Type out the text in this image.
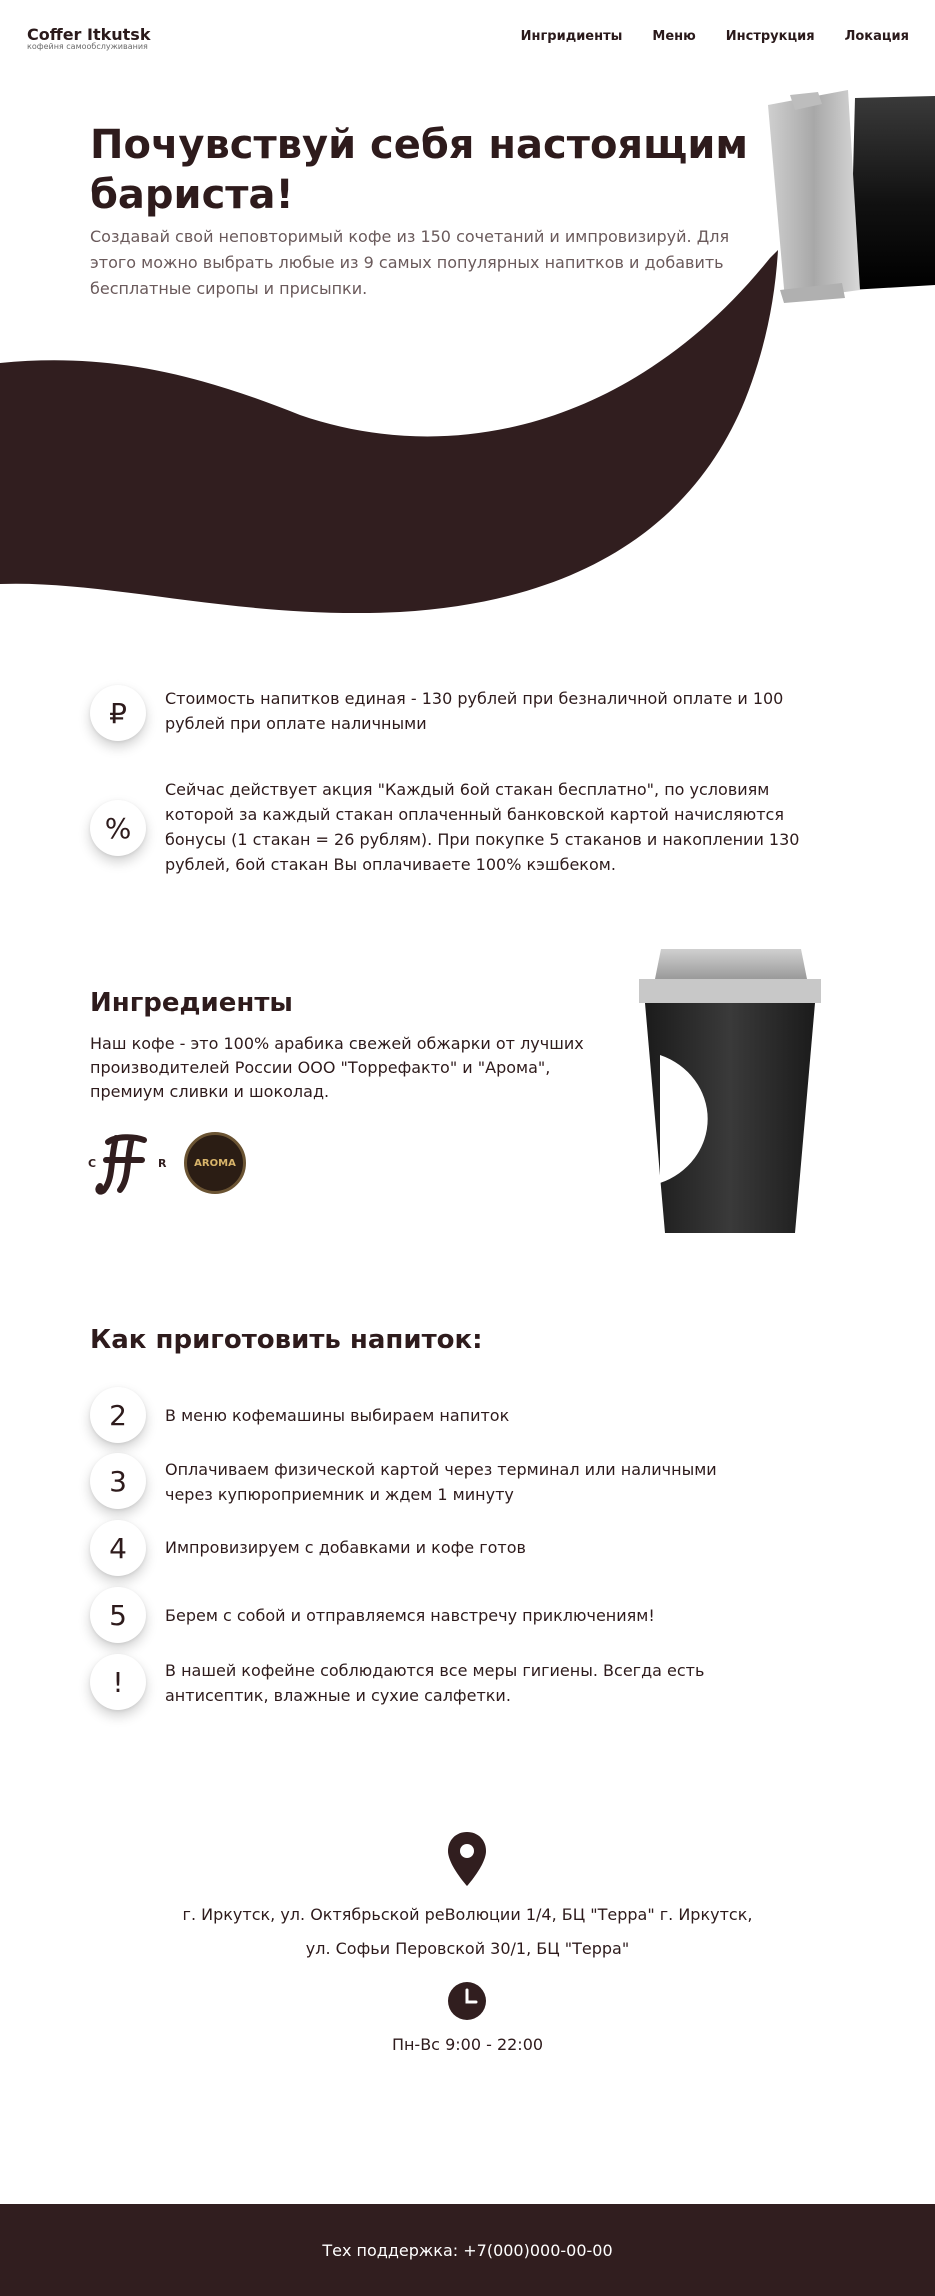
Coffer Itkutsk
кофейня самообслуживания
Ингридиенты Меню Инструкция Локация
Почувствуй себя настоящим бариста!
Создавай свой неповторимый кофе из 150 сочетаний и импровизируй. Для этого можно выбрать любые из 9 самых популярных напитков и добавить бесплатные сиропы и присыпки.
₽	Стоимость напитков единая - 130 рублей при безналичной оплате и 100 рублей при оплате наличными
%
Сейчас действует акция "Каждый 6ой стакан бесплатно", по условиям которой за каждый стакан оплаченный банковской картой начисляются бонусы (1 стакан = 26 рублям). При покупке 5 стаканов и накоплении 130 рублей, 6ой стакан Вы оплачиваете 100% кэшбеком.
Ингредиенты
Наш кофе - это 100% арабика свежей обжарки от лучших производителей России ООО "Торрефакто" и "Арома", премиум сливки и шоколад.
C	R	AROMA
Как приготовить напиток:
2	В меню кофемашины выбираем напиток
3	Оплачиваем физической картой через терминал или наличными через купюроприемник и ждем 1 минуту
4	Импровизируем с добавками и кофе готов
5	Берем с собой и отправляемся навстречу приключениям!
!	В нашей кофейне соблюдаются все меры гигиены. Всегда есть антисептик, влажные и сухие салфетки.
г. Иркутск, ул. Октябрьской реВолюции 1/4, БЦ "Терра" г. Иркутск, ул. Софьи Перовской 30/1, БЦ "Терра"
Пн-Вс 9:00 - 22:00
Тех поддержка: +7(000)000-00-00
